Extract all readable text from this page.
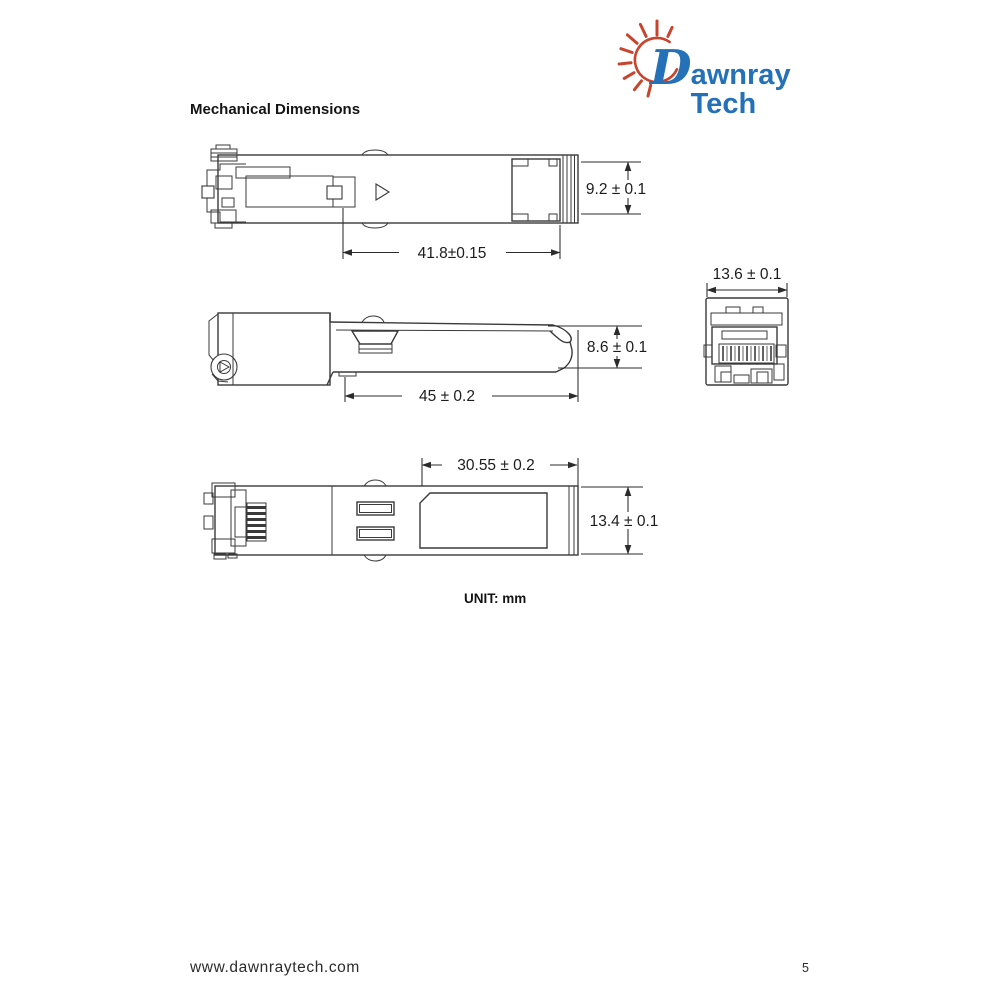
D awnray Tech
Mechanical Dimensions
41.8±0.15
9.2 ± 0.1
45 ± 0.2
8.6 ± 0.1
13.6 ± 0.1
30.55 ± 0.2
13.4 ± 0.1
UNIT: mm
www.dawnraytech.com	5
